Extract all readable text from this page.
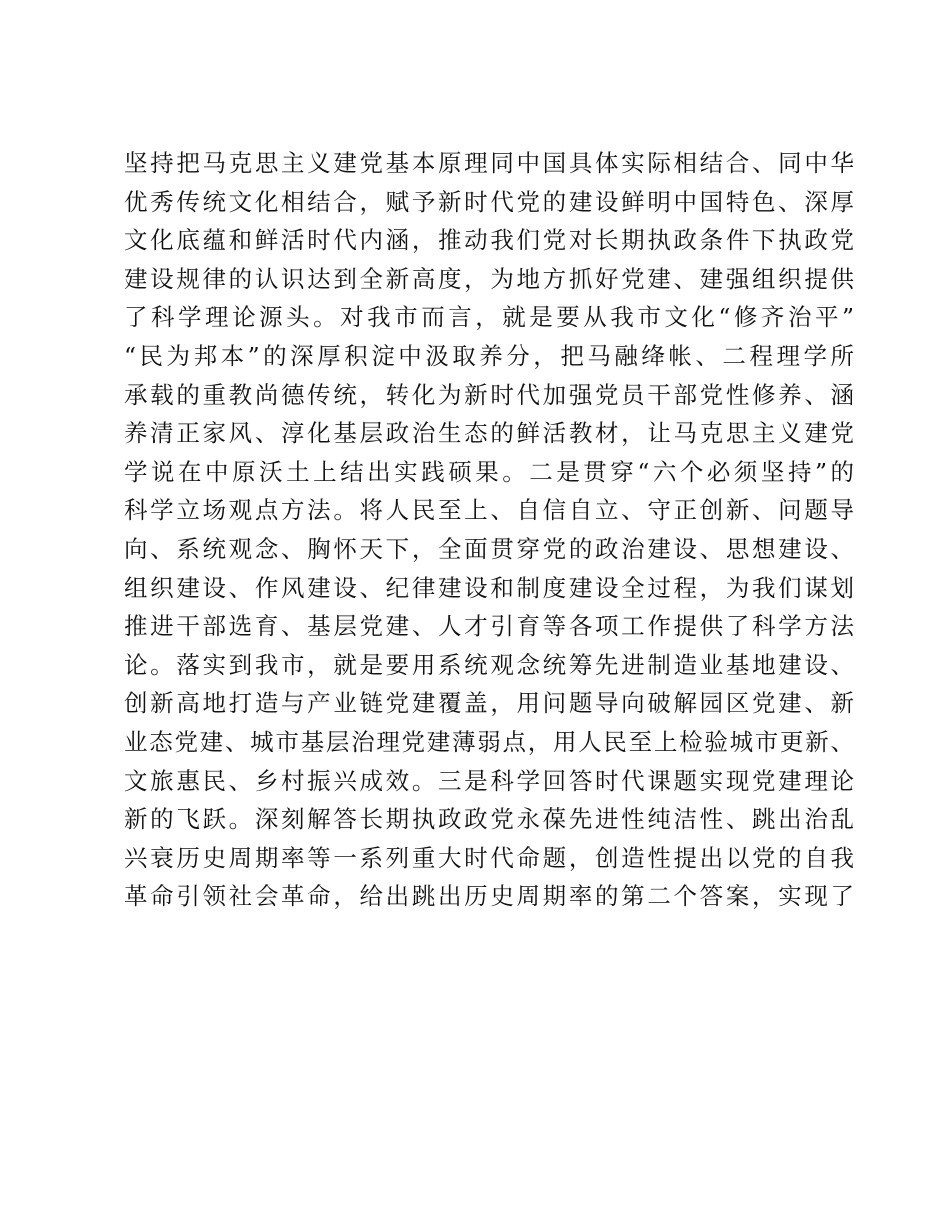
坚持把马克思主义建党基本原理同中国具体实际相结合、同中华
优秀传统文化相结合，赋予新时代党的建设鲜明中国特色、深厚
文化底蕴和鲜活时代内涵，推动我们党对长期执政条件下执政党
建设规律的认识达到全新高度，为地方抓好党建、建强组织提供
了科学理论源头。对我市而言，就是要从我市文化“修齐治平”
“民为邦本”的深厚积淀中汲取养分，把马融绛帐、二程理学所
承载的重教尚德传统，转化为新时代加强党员干部党性修养、涵
养清正家风、淳化基层政治生态的鲜活教材，让马克思主义建党
学说在中原沃土上结出实践硕果。二是贯穿“六个必须坚持”的
科学立场观点方法。将人民至上、自信自立、守正创新、问题导
向、系统观念、胸怀天下，全面贯穿党的政治建设、思想建设、
组织建设、作风建设、纪律建设和制度建设全过程，为我们谋划
推进干部选育、基层党建、人才引育等各项工作提供了科学方法
论。落实到我市，就是要用系统观念统筹先进制造业基地建设、
创新高地打造与产业链党建覆盖，用问题导向破解园区党建、新
业态党建、城市基层治理党建薄弱点，用人民至上检验城市更新、
文旅惠民、乡村振兴成效。三是科学回答时代课题实现党建理论
新的飞跃。深刻解答长期执政政党永葆先进性纯洁性、跳出治乱
兴衰历史周期率等一系列重大时代命题，创造性提出以党的自我
革命引领社会革命，给出跳出历史周期率的第二个答案，实现了
